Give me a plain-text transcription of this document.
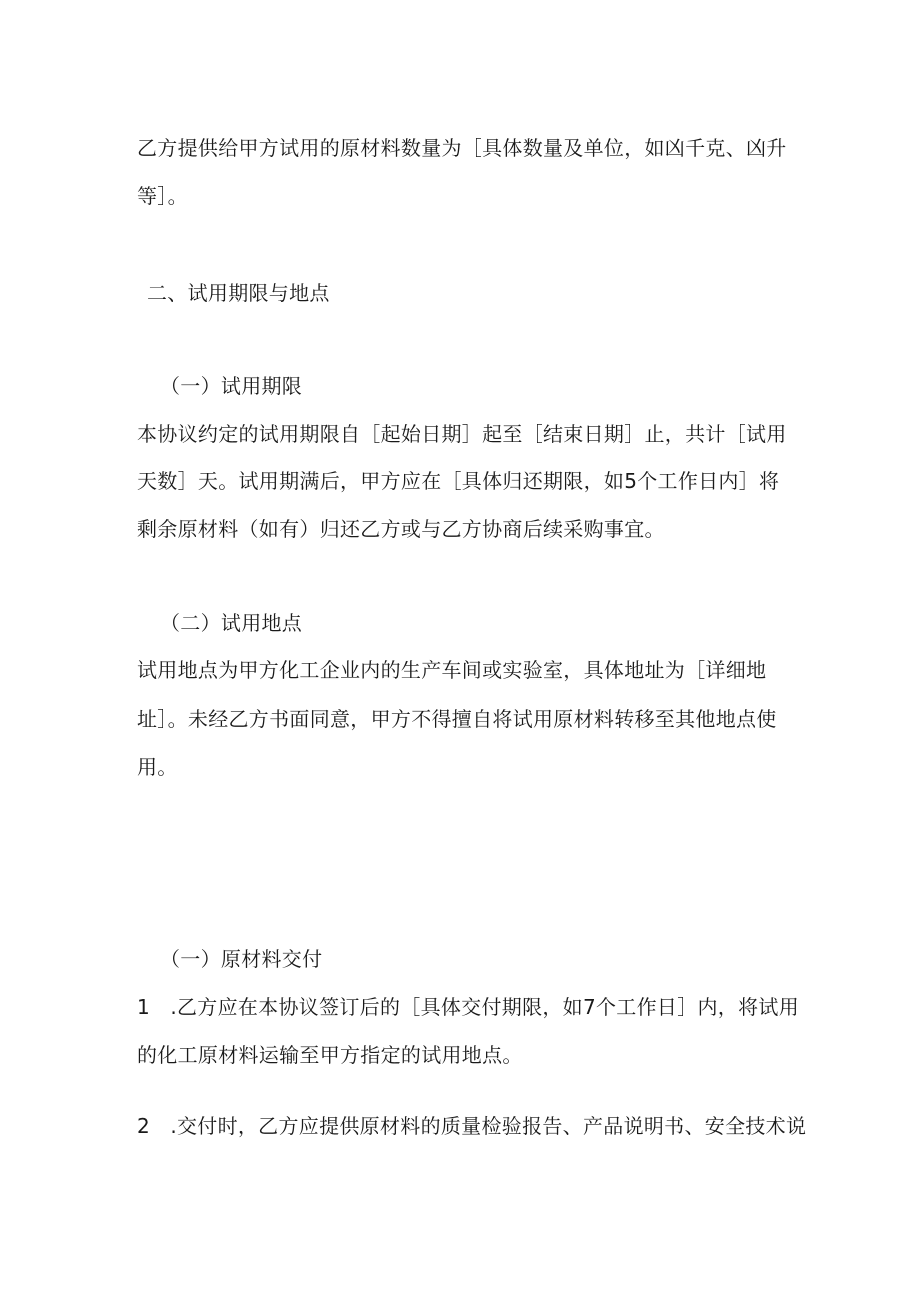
乙方提供给甲方试用的原材料数量为［具体数量及单位，如凶千克、凶升
等］。
二、试用期限与地点
（一）试用期限
本协议约定的试用期限自［起始日期］起至［结束日期］止，共计［试用
天数］天。试用期满后，甲方应在［具体归还期限，如5个工作日内］将
剩余原材料（如有）归还乙方或与乙方协商后续采购事宜。
（二）试用地点
试用地点为甲方化工企业内的生产车间或实验室，具体地址为［详细地
址］。未经乙方书面同意，甲方不得擅自将试用原材料转移至其他地点使
用。
（一）原材料交付
1　.乙方应在本协议签订后的［具体交付期限，如7个工作日］内，将试用
的化工原材料运输至甲方指定的试用地点。
2　.交付时，乙方应提供原材料的质量检验报告、产品说明书、安全技术说
